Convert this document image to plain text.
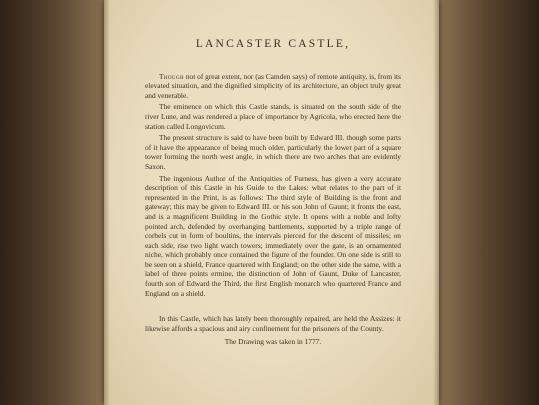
LANCASTER CASTLE,

Though not of great extent, nor (as Camden says) of remote antiquity, is, from its elevated situation, and the dignified simplicity of its architecture, an object truly great and venerable.

The eminence on which this Castle stands, is situated on the south side of the river Lune, and was rendered a place of importance by Agricola, who erected here the station called Longovicum.

The present structure is said to have been built by Edward III. though some parts of it have the appearance of being much older, particularly the lower part of a square tower forming the north west angle, in which there are two arches that are evidently Saxon.

The ingenious Author of the Antiquities of Furness, has given a very accurate description of this Castle in his Guide to the Lakes: what relates to the part of it represented in the Print, is as follows: The third style of Building is the front and gateway; this may be given to Edward III. or his son John of Gaunt; it fronts the east, and is a magnificent Building in the Gothic style. It opens with a noble and lofty pointed arch, defended by overhanging battlements, supported by a triple range of corbels cut in form of boultins, the intervals pierced for the descent of missiles; on each side, rise two light watch towers; immediately over the gate, is an ornamented niche, which probably once contained the figure of the founder. On one side is still to be seen on a shield, France quartered with England; on the other side the same, with a label of three points ermine, the distinction of John of Gaunt, Duke of Lancaster, fourth son of Edward the Third, the first English monarch who quartered France and England on a shield.

In this Castle, which has lately been thoroughly repaired, are held the Assizes: it likewise affords a spacious and airy confinement for the prisoners of the County.

The Drawing was taken in 1777.
